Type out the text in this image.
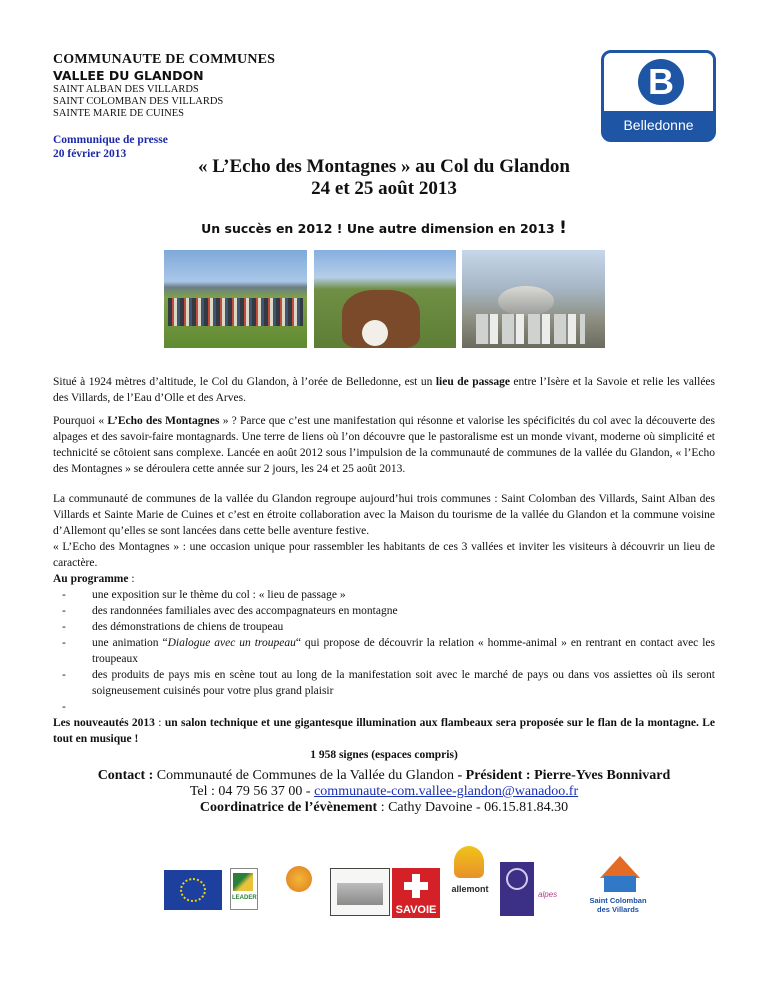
COMMUNAUTE DE COMMUNES
VALLEE DU GLANDON
SAINT ALBAN DES VILLARDS
SAINT COLOMBAN DES VILLARDS
SAINTE MARIE DE CUINES
Communique de presse
20 février 2013
B
Belledonne
« L’Echo des Montagnes » au Col du Glandon
24 et 25 août 2013
Un succès en 2012 ! Une autre dimension en 2013 !

Situé à 1924 mètres d’altitude, le Col du Glandon, à l’orée de Belledonne, est un lieu de passage entre l’Isère et la Savoie et relie les vallées des Villards, de l’Eau d’Olle et des Arves.

Pourquoi « L’Echo des Montagnes » ? Parce que c’est une manifestation qui résonne et valorise les spécificités du col avec la découverte des alpages et des savoir-faire montagnards. Une terre de liens où l’on découvre que le pastoralisme est un monde vivant, moderne où simplicité et technicité se côtoient sans complexe. Lancée en août 2012 sous l’impulsion de la communauté de communes de la vallée du Glandon, « l’Echo des Montagnes » se déroulera cette année sur 2 jours, les 24 et 25 août 2013.

La communauté de communes de la vallée du Glandon regroupe aujourd’hui trois communes : Saint Colomban des Villards, Saint Alban des Villards et Sainte Marie de Cuines et c’est en étroite collaboration avec la Maison du tourisme de la vallée du Glandon et la commune voisine d’Allemont qu’elles se sont lancées dans cette belle aventure festive.

« L’Echo des Montagnes » : une occasion unique pour rassembler les habitants de ces 3 vallées et inviter les visiteurs à découvrir un lieu de caractère.

Au programme :

- une exposition sur le thème du col : « lieu de passage »
- des randonnées familiales avec des accompagnateurs en montagne
- des démonstrations de chiens de troupeau
- une animation “Dialogue avec un troupeau“ qui propose de découvrir la relation « homme-animal » en rentrant en contact avec les troupeaux
- des produits de pays mis en scène tout au long de la manifestation soit avec le marché de pays ou dans vos assiettes où ils seront soigneusement cuisinés pour votre plus grand plaisir

-

Les nouveautés 2013 : un salon technique et une gigantesque illumination aux flambeaux sera proposée sur le flan de la montagne. Le tout en musique !

1 958 signes (espaces compris)

Contact : Communauté de Communes de la Vallée du Glandon - Président : Pierre-Yves Bonnivard
Tel : 04 79 56 37 00 - communaute-com.vallee-glandon@wanadoo.fr
Coordinatrice de l’évènement : Cathy Davoine - 06.15.81.84.30
LEADER
SAVOIE
allemont
alpes
Saint Colomban des Villards
